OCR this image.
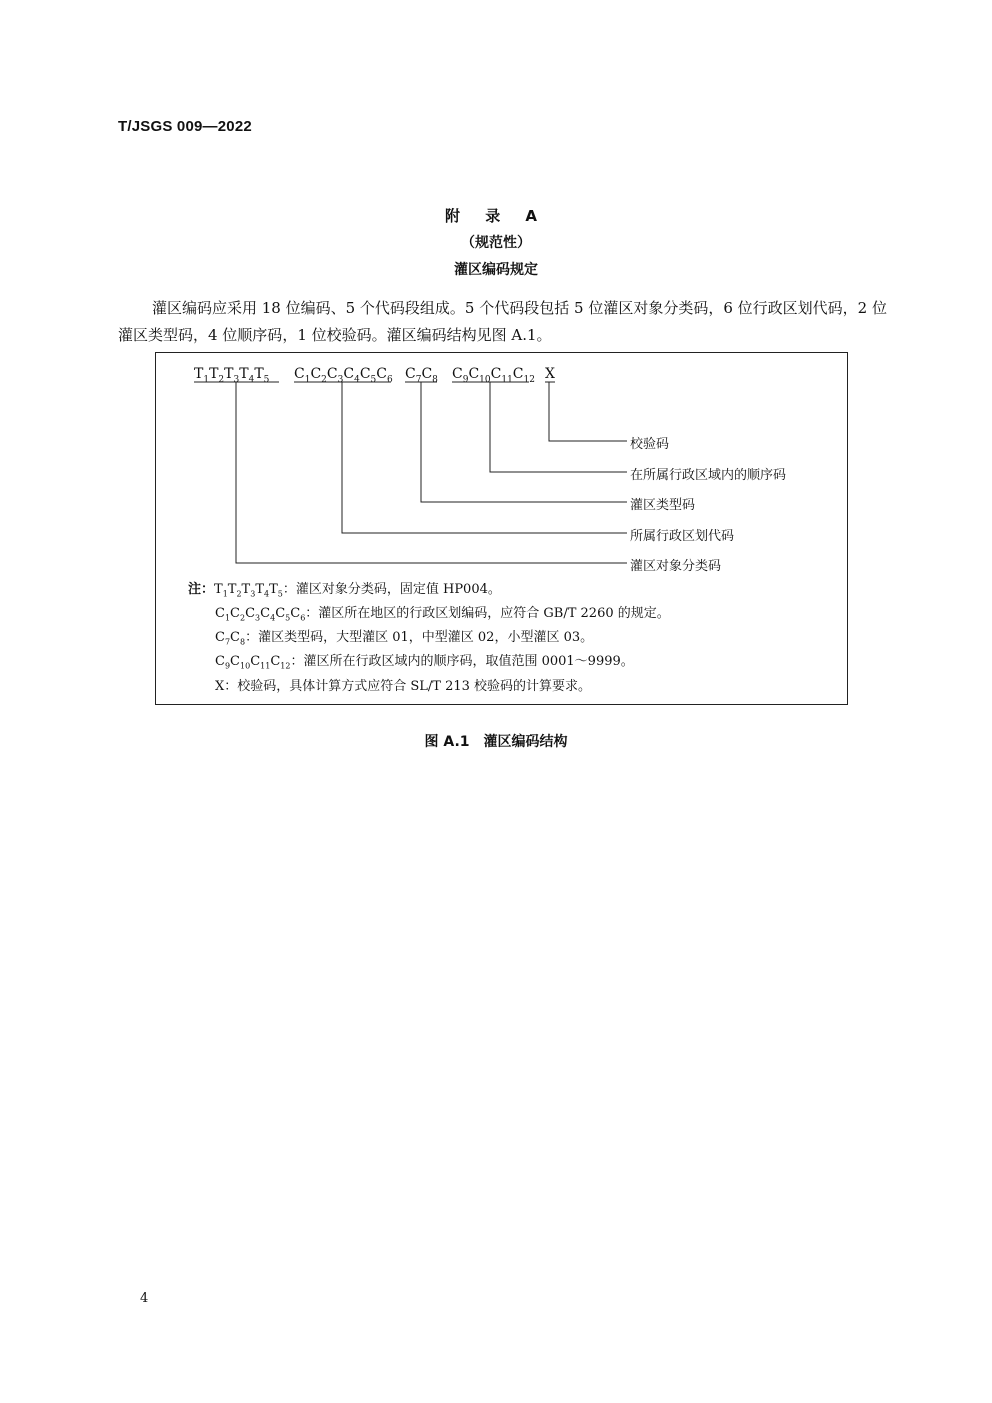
T/JSGS 009—2022
附 录 A
（规范性）
灌区编码规定
灌区编码应采用 18 位编码、5 个代码段组成。5 个代码段包括 5 位灌区对象分类码，6 位行政区划代码，2 位灌区类型码，4 位顺序码，1 位校验码。灌区编码结构见图 A.1。
$T_1T_2T_3T_4T_5$ $C_1C_2C_3C_4C_5C_6$ $C_7C_8$ $C_9C_{10}C_{11}C_{12}$ X
校验码
在所属行政区域内的顺序码
灌区类型码
所属行政区划代码
灌区对象分类码
注：$T_1T_2T_3T_4T_5$：灌区对象分类码，固定值 HP004。
$C_1C_2C_3C_4C_5C_6$：灌区所在地区的行政区划编码，应符合 GB/T 2260 的规定。
$C_7C_8$：灌区类型码，大型灌区 01，中型灌区 02，小型灌区 03。
$C_9C_{10}C_{11}C_{12}$：灌区所在行政区域内的顺序码，取值范围 0001～9999。
X：校验码，具体计算方式应符合 SL/T 213 校验码的计算要求。
图 A.1　灌区编码结构
4
